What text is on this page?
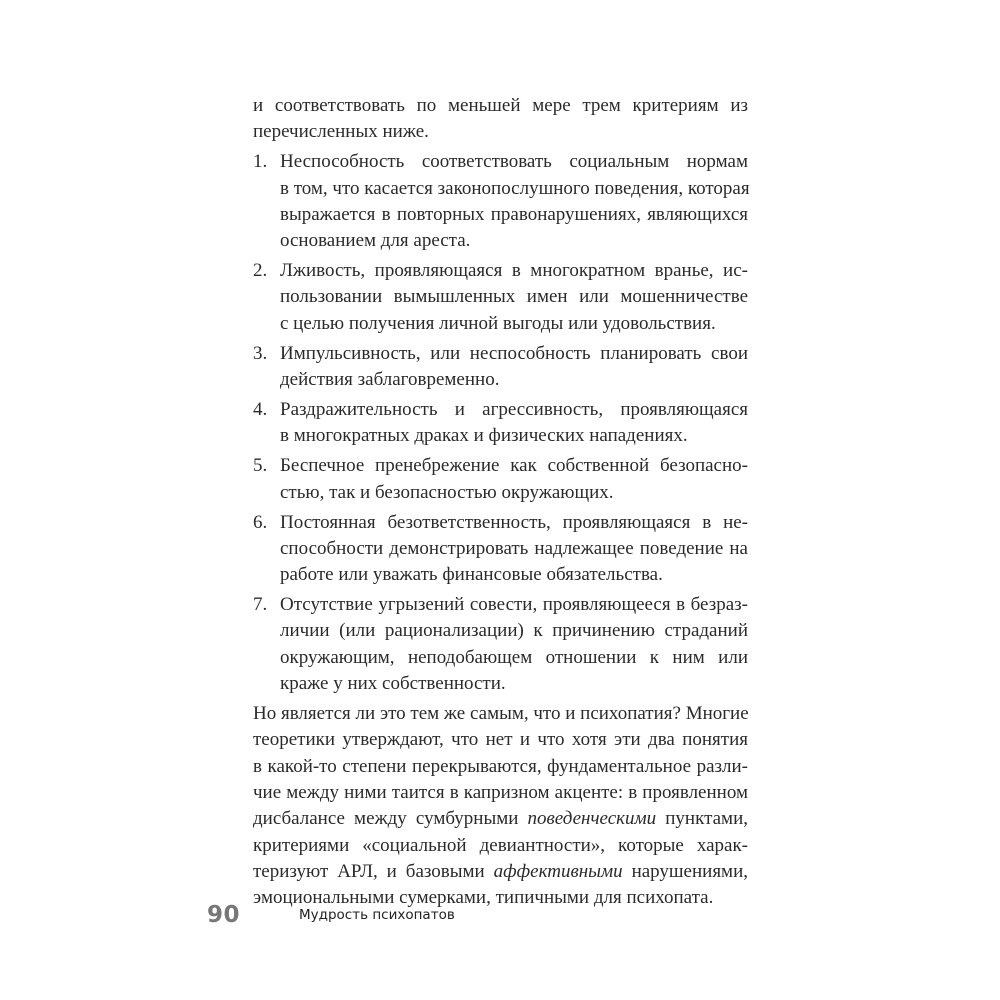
и соответствовать по меньшей мере трем критериям из
перечисленных ниже.
1. Неспособность соответствовать социальным нормам
в том, что касается законопослушного поведения, которая
выражается в повторных правонарушениях, являющихся
основанием для ареста.
2. Лживость, проявляющаяся в многократном вранье, ис-
пользовании вымышленных имен или мошенничестве
с целью получения личной выгоды или удовольствия.
3. Импульсивность, или неспособность планировать свои
действия заблаговременно.
4. Раздражительность и агрессивность, проявляющаяся
в многократных драках и физических нападениях.
5. Беспечное пренебрежение как собственной безопасно-
стью, так и безопасностью окружающих.
6. Постоянная безответственность, проявляющаяся в не-
способности демонстрировать надлежащее поведение на
работе или уважать финансовые обязательства.
7. Отсутствие угрызений совести, проявляющееся в безраз-
личии (или рационализации) к причинению страданий
окружающим, неподобающем отношении к ним или
краже у них собственности.
Но является ли это тем же самым, что и психопатия? Многие
теоретики утверждают, что нет и что хотя эти два понятия
в какой-то степени перекрываются, фундаментальное разли-
чие между ними таится в капризном акценте: в проявленном
дисбалансе между сумбурными поведенческими пунктами,
критериями «социальной девиантности», которые харак-
теризуют АРЛ, и базовыми аффективными нарушениями,
эмоциональными сумерками, типичными для психопата.
90	Мудрость психопатов
